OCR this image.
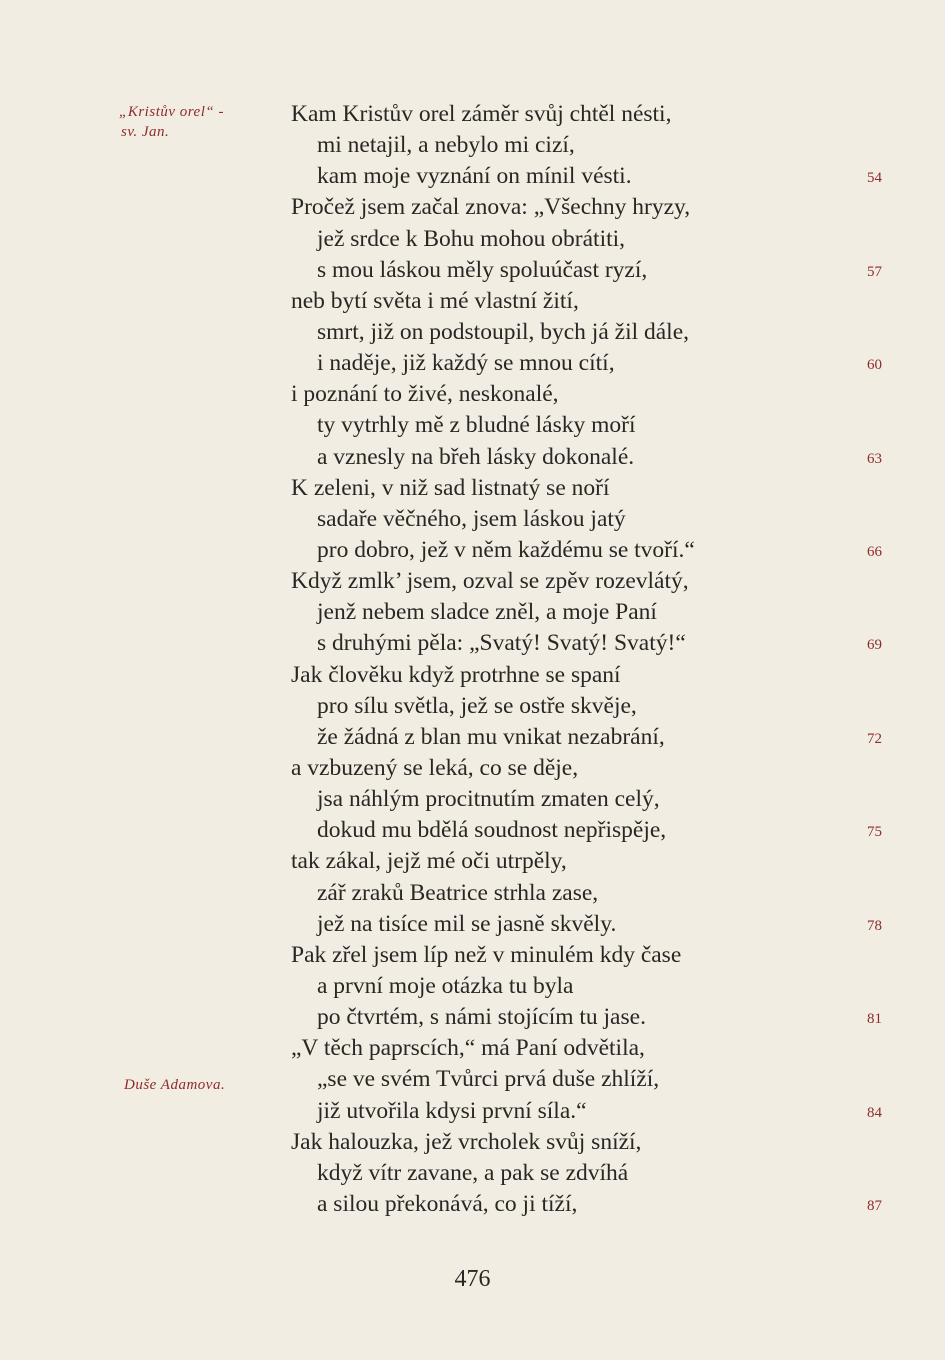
„Kristův orel“ -
sv. Jan.
Duše Adamova.
Kam Kristův orel záměr svůj chtěl nésti,
mi netajil, a nebylo mi cizí,
kam moje vyznání on mínil vésti.	54
Pročež jsem začal znova: „Všechny hryzy,
jež srdce k Bohu mohou obrátiti,
s mou láskou měly spoluúčast ryzí,	57
neb bytí světa i mé vlastní žití,
smrt, již on podstoupil, bych já žil dále,
i naděje, již každý se mnou cítí,	60
i poznání to živé, neskonalé,
ty vytrhly mě z bludné lásky moří
a vznesly na břeh lásky dokonalé.	63
K zeleni, v niž sad listnatý se noří
sadaře věčného, jsem láskou jatý
pro dobro, jež v něm každému se tvoří.“	66
Když zmlk’ jsem, ozval se zpěv rozevlátý,
jenž nebem sladce zněl, a moje Paní
s druhými pěla: „Svatý! Svatý! Svatý!“	69
Jak člověku když protrhne se spaní
pro sílu světla, jež se ostře skvěje,
že žádná z blan mu vnikat nezabrání,	72
a vzbuzený se leká, co se děje,
jsa náhlým procitnutím zmaten celý,
dokud mu bdělá soudnost nepřispěje,	75
tak zákal, jejž mé oči utrpěly,
zář zraků Beatrice strhla zase,
jež na tisíce mil se jasně skvěly.	78
Pak zřel jsem líp než v minulém kdy čase
a první moje otázka tu byla
po čtvrtém, s námi stojícím tu jase.	81
„V těch paprscích,“ má Paní odvětila,
„se ve svém Tvůrci prvá duše zhlíží,
již utvořila kdysi první síla.“	84
Jak halouzka, jež vrcholek svůj sníží,
když vítr zavane, a pak se zdvíhá
a silou překonává, co ji tíží,	87
476
